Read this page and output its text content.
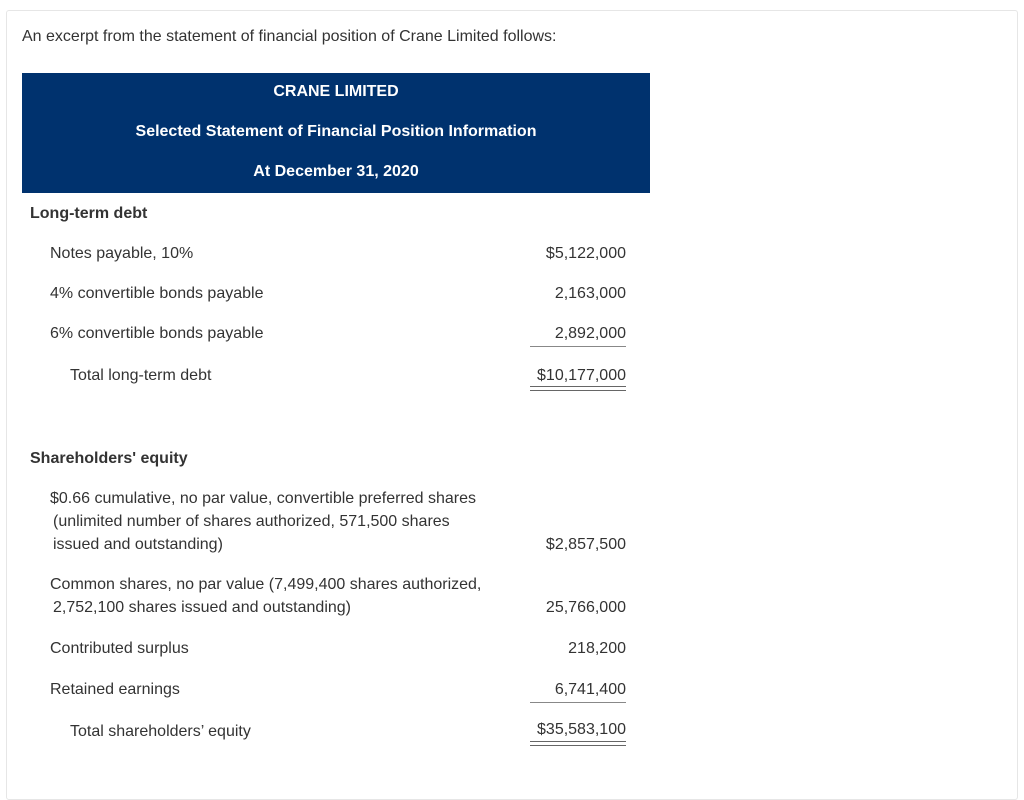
An excerpt from the statement of financial position of Crane Limited follows:
CRANE LIMITED
Selected Statement of Financial Position Information
At December 31, 2020
Long-term debt
Notes payable, 10%	$5,122,000
4% convertible bonds payable	2,163,000
6% convertible bonds payable	2,892,000
Total long-term debt	$10,177,000
Shareholders' equity
$0.66 cumulative, no par value, convertible preferred shares
(unlimited number of shares authorized, 571,500 shares
issued and outstanding)	$2,857,500
Common shares, no par value (7,499,400 shares authorized,
2,752,100 shares issued and outstanding)	25,766,000
Contributed surplus	218,200
Retained earnings	6,741,400
Total shareholders’ equity	$35,583,100
